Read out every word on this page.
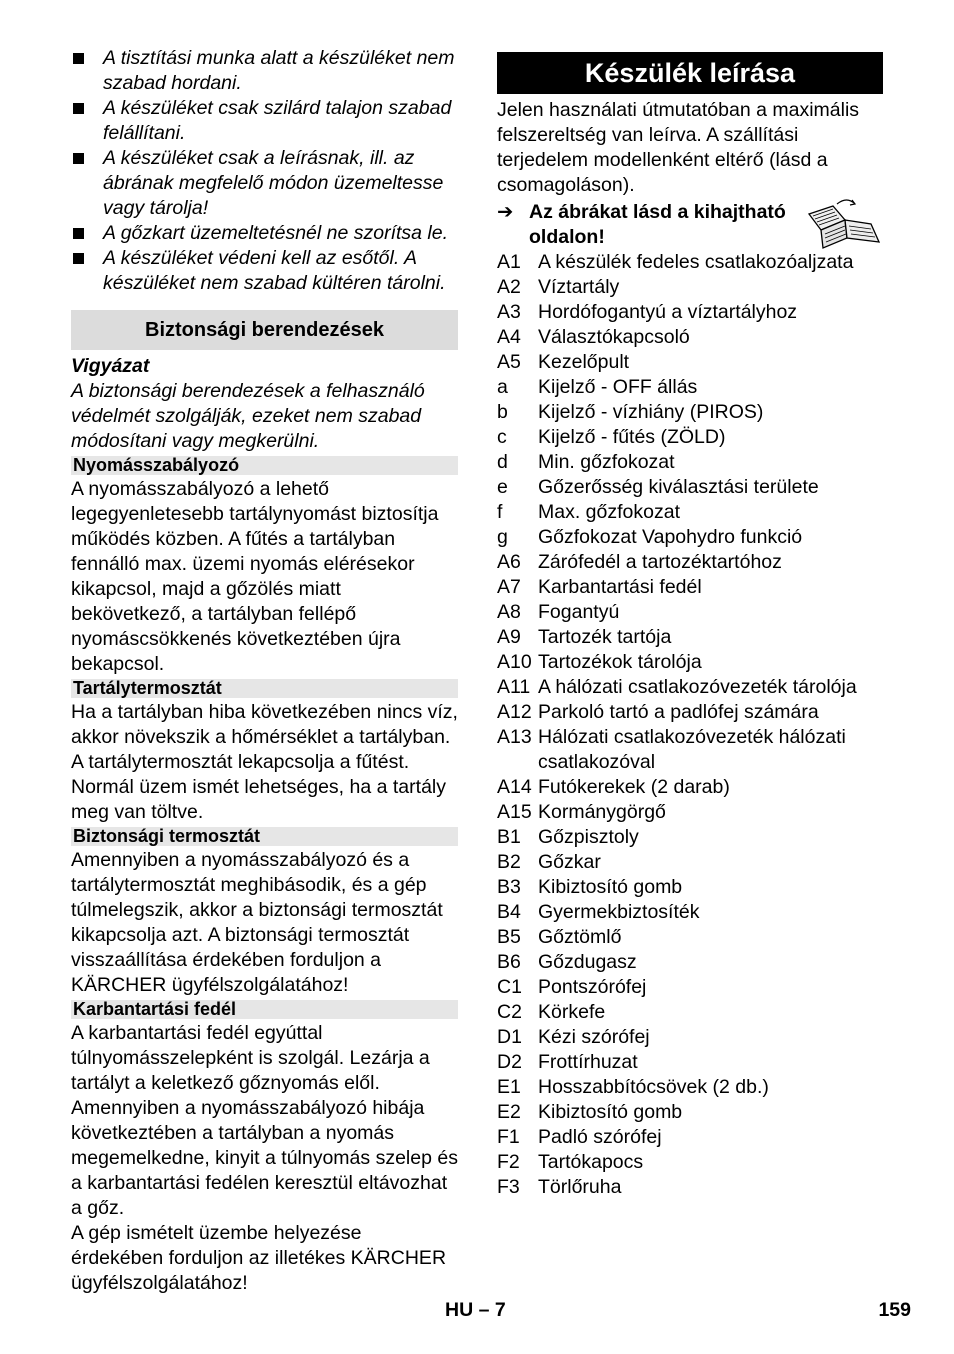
A tisztítási munka alatt a készüléket nem szabad hordani.
A készüléket csak szilárd talajon szabad felállítani.
A készüléket csak a leírásnak, ill. az ábrának megfelelő módon üzemeltesse vagy tárolja!
A gőzkart üzemeltetésnél ne szorítsa le.
A készüléket védeni kell az esőtől. A készüléket nem szabad kültéren tárolni.
Biztonsági berendezések
Vigyázat
A biztonsági berendezések a felhasználó védelmét szolgálják, ezeket nem szabad módosítani vagy megkerülni.
Nyomásszabályozó

A nyomásszabályozó a lehető legegyenletesebb tartálynyomást biztosítja működés közben. A fűtés a tartályban fennálló max. üzemi nyomás elérésekor kikapcsol, majd a gőzölés miatt bekövetkező, a tartályban fellépő nyomáscsökkenés következtében újra bekapcsol.

Tartálytermosztát

Ha a tartályban hiba következében nincs víz, akkor növekszik a hőmérséklet a tartályban. A tartálytermosztát lekapcsolja a fűtést. Normál üzem ismét lehetséges, ha a tartály meg van töltve.

Biztonsági termosztát

Amennyiben a nyomásszabályozó és a tartálytermosztát meghibásodik, és a gép túlmelegszik, akkor a biztonsági termosztát kikapcsolja azt. A biztonsági termosztát visszaállítása érdekében forduljon a KÄRCHER ügyfélszolgálatához!

Karbantartási fedél

A karbantartási fedél egyúttal túlnyomásszelepként is szolgál. Lezárja a tartályt a keletkező gőznyomás elől.

Amennyiben a nyomásszabályozó hibája következtében a tartályban a nyomás megemelkedne, kinyit a túlnyomás szelep és a karbantartási fedélen keresztül eltávozhat a gőz.

A gép ismételt üzembe helyezése érdekében forduljon az illetékes KÄRCHER ügyfélszolgálatához!

Készülék leírása

Jelen használati útmutatóban a maximális felszereltség van leírva. A szállítási terjedelem modellenként eltérő (lásd a csomagoláson).

➔ Az ábrákat lásd a kihajtható oldalon!
A1 A készülék fedeles csatlakozóaljzata
A2 Víztartály
A3 Hordófogantyú a víztartályhoz
A4 Választókapcsoló
A5 Kezelőpult
a Kijelző - OFF állás
b Kijelző - vízhiány (PIROS)
c Kijelző - fűtés (ZÖLD)
d Min. gőzfokozat
e Gőzerősség kiválasztási területe
f Max. gőzfokozat
g Gőzfokozat Vapohydro funkció
A6 Zárófedél a tartozéktartóhoz
A7 Karbantartási fedél
A8 Fogantyú
A9 Tartozék tartója
A10 Tartozékok tárolója
A11 A hálózati csatlakozóvezeték tárolója
A12 Parkoló tartó a padlófej számára
A13 Hálózati csatlakozóvezeték hálózati csatlakozóval
A14 Futókerekek (2 darab)
A15 Kormánygörgő
B1 Gőzpisztoly
B2 Gőzkar
B3 Kibiztosító gomb
B4 Gyermekbiztosíték
B5 Gőztömlő
B6 Gőzdugasz
C1 Pontszórófej
C2 Körkefe
D1 Kézi szórófej
D2 Frottírhuzat
E1 Hosszabbítócsövek (2 db.)
E2 Kibiztosító gomb
F1 Padló szórófej
F2 Tartókapocs
F3 Törlőruha
HU – 7	159
